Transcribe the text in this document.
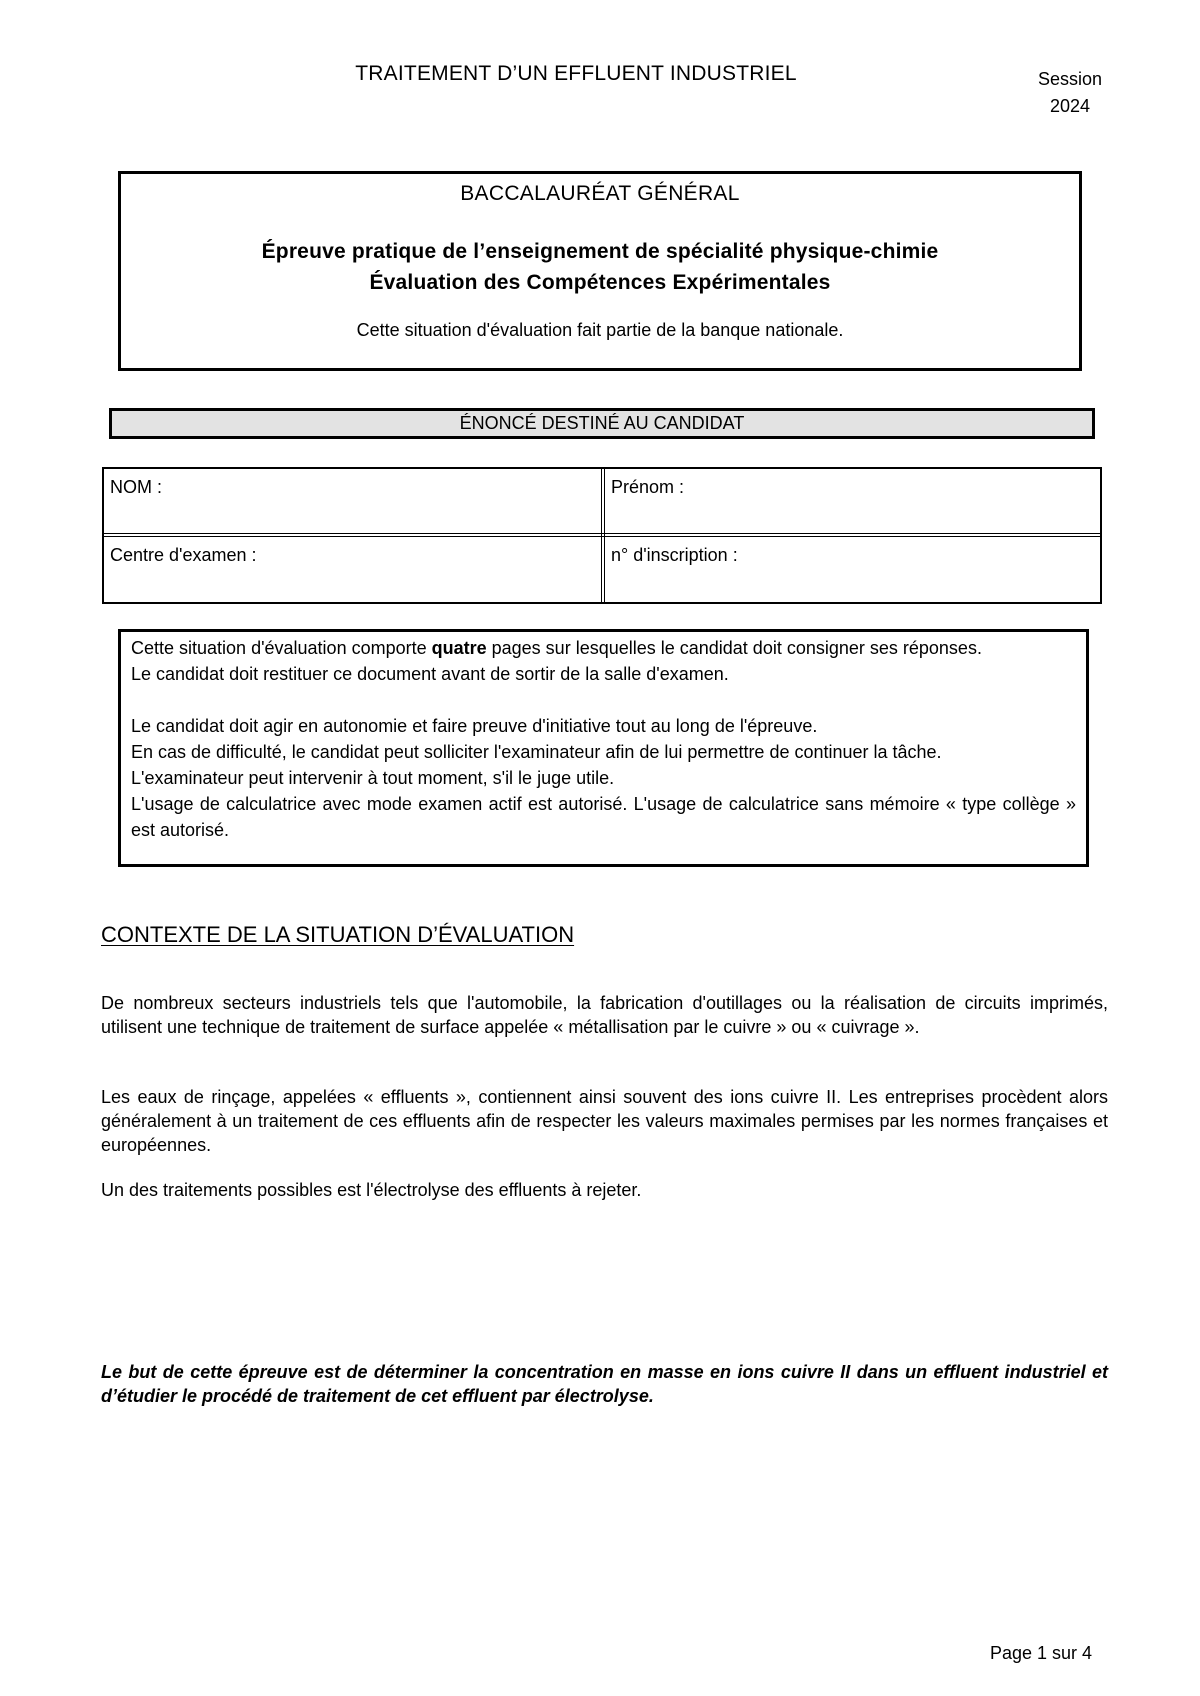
TRAITEMENT D’UN EFFLUENT INDUSTRIEL	Session
2024
BACCALAURÉAT GÉNÉRAL
Épreuve pratique de l’enseignement de spécialité physique-chimie
Évaluation des Compétences Expérimentales
Cette situation d'évaluation fait partie de la banque nationale.
ÉNONCÉ DESTINÉ AU CANDIDAT
NOM :	Prénom :
Centre d'examen :	n° d'inscription :

Cette situation d'évaluation comporte quatre pages sur lesquelles le candidat doit consigner ses réponses.

Le candidat doit restituer ce document avant de sortir de la salle d'examen.

Le candidat doit agir en autonomie et faire preuve d'initiative tout au long de l'épreuve.

En cas de difficulté, le candidat peut solliciter l'examinateur afin de lui permettre de continuer la tâche.

L'examinateur peut intervenir à tout moment, s'il le juge utile.

L'usage de calculatrice avec mode examen actif est autorisé. L'usage de calculatrice sans mémoire « type collège » est autorisé.

CONTEXTE DE LA SITUATION D’ÉVALUATION
De nombreux secteurs industriels tels que l'automobile, la fabrication d'outillages ou la réalisation de circuits imprimés, utilisent une technique de traitement de surface appelée « métallisation par le cuivre » ou « cuivrage ».
Les eaux de rinçage, appelées « effluents », contiennent ainsi souvent des ions cuivre II. Les entreprises procèdent alors généralement à un traitement de ces effluents afin de respecter les valeurs maximales permises par les normes françaises et européennes.
Un des traitements possibles est l'électrolyse des effluents à rejeter.
Le but de cette épreuve est de déterminer la concentration en masse en ions cuivre II dans un effluent industriel et d’étudier le procédé de traitement de cet effluent par électrolyse.
Page 1 sur 4
